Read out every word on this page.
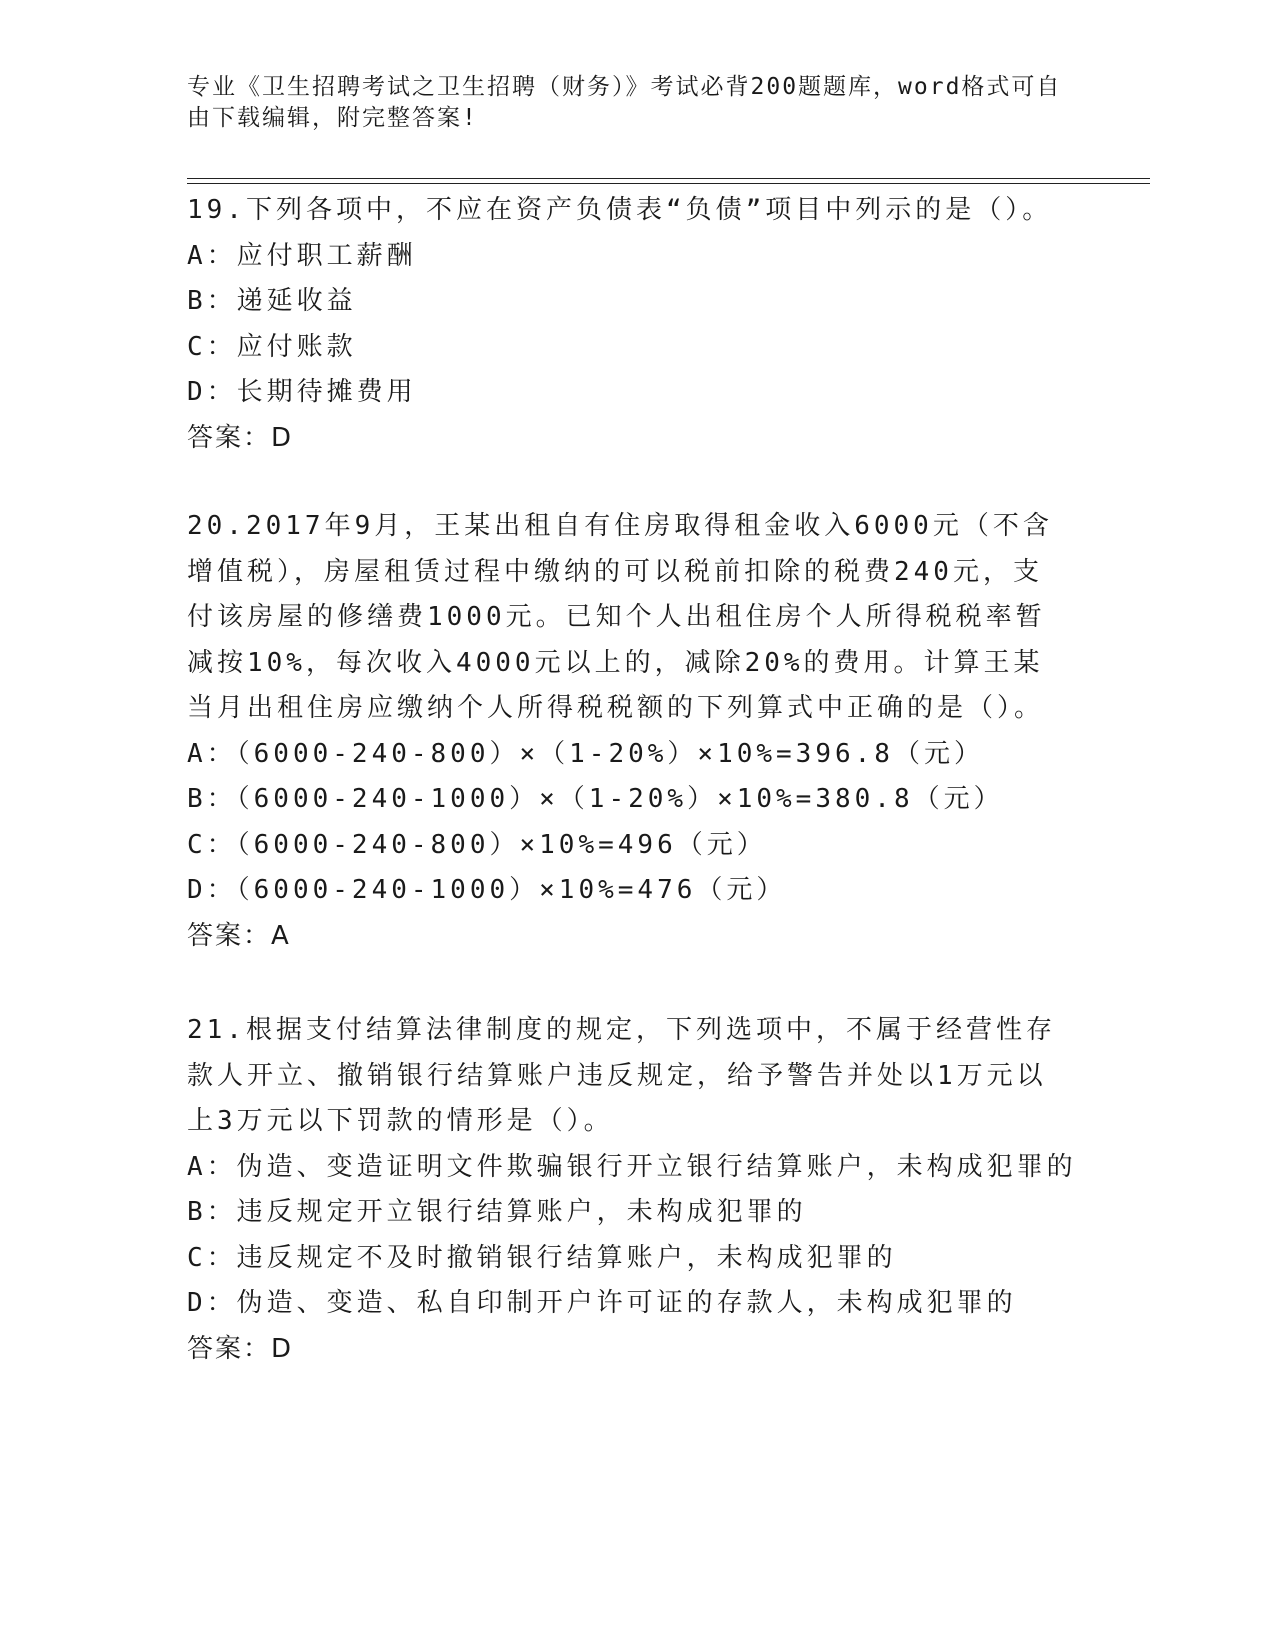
专业《卫生招聘考试之卫生招聘（财务）》考试必背200题题库，word格式可自
由下载编辑，附完整答案!
19.下列各项中，不应在资产负债表“负债”项目中列示的是（）。
A：应付职工薪酬
B：递延收益
C：应付账款
D：长期待摊费用
答案：D
20.2017年9月，王某出租自有住房取得租金收入6000元（不含增值税），房屋租赁过程中缴纳的可以税前扣除的税费240元，支付该房屋的修缮费1000元。已知个人出租住房个人所得税税率暂减按10%，每次收入4000元以上的，减除20%的费用。计算王某当月出租住房应缴纳个人所得税税额的下列算式中正确的是（）。
A：（6000-240-800）×（1-20%）×10%=396.8（元）
B：（6000-240-1000）×（1-20%）×10%=380.8（元）
C：（6000-240-800）×10%=496（元）
D：（6000-240-1000）×10%=476（元）
答案：A
21.根据支付结算法律制度的规定，下列选项中，不属于经营性存款人开立、撤销银行结算账户违反规定，给予警告并处以1万元以上3万元以下罚款的情形是（）。
A：伪造、变造证明文件欺骗银行开立银行结算账户，未构成犯罪的
B：违反规定开立银行结算账户，未构成犯罪的
C：违反规定不及时撤销银行结算账户，未构成犯罪的
D：伪造、变造、私自印制开户许可证的存款人，未构成犯罪的
答案：D
